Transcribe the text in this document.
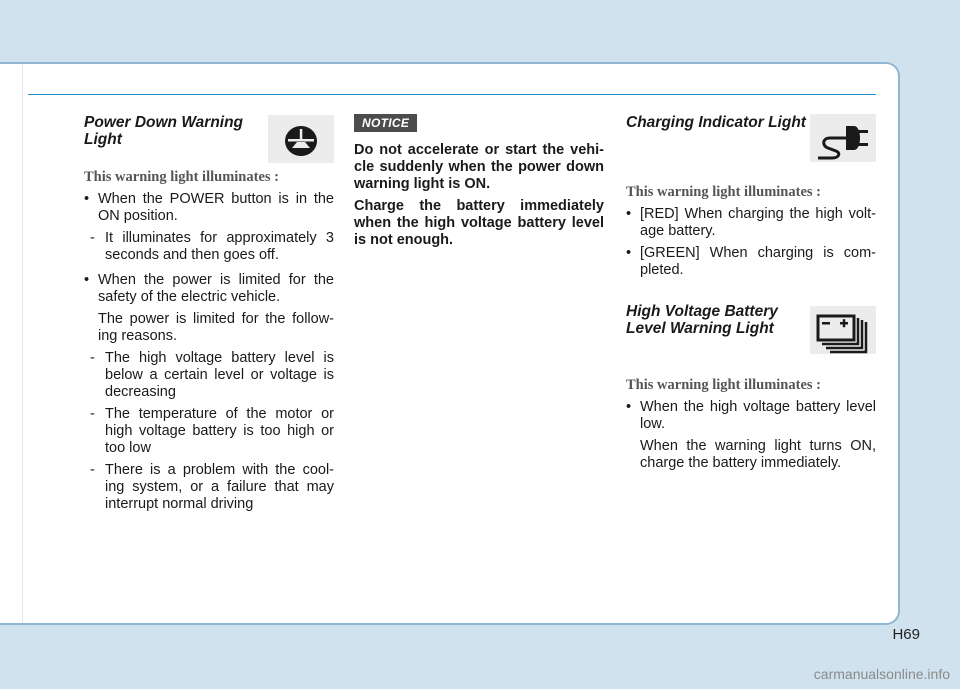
Power Down Warning Light

This warning light illuminates :

• When the POWER button is in the ON position.

- It illuminates for approximately 3 seconds and then goes off.

• When the power is limited for the safety of the electric vehicle.

The power is limited for the follow- ing reasons.

- The high voltage battery level is below a certain level or voltage is decreasing

- The temperature of the motor or high voltage battery is too high or too low

- There is a problem with the cool- ing system, or a failure that may interrupt normal driving

NOTICE

Do not accelerate or start the vehi- cle suddenly when the power down warning light is ON.

Charge the battery immediately when the high voltage battery level is not enough.

Charging Indicator Light

This warning light illuminates :

• [RED] When charging the high volt- age battery.

• [GREEN] When charging is com- pleted.

High Voltage Battery Level Warning Light

This warning light illuminates :

• When the high voltage battery level low.

When the warning light turns ON, charge the battery immediately.

H69
carmanualsonline.info
